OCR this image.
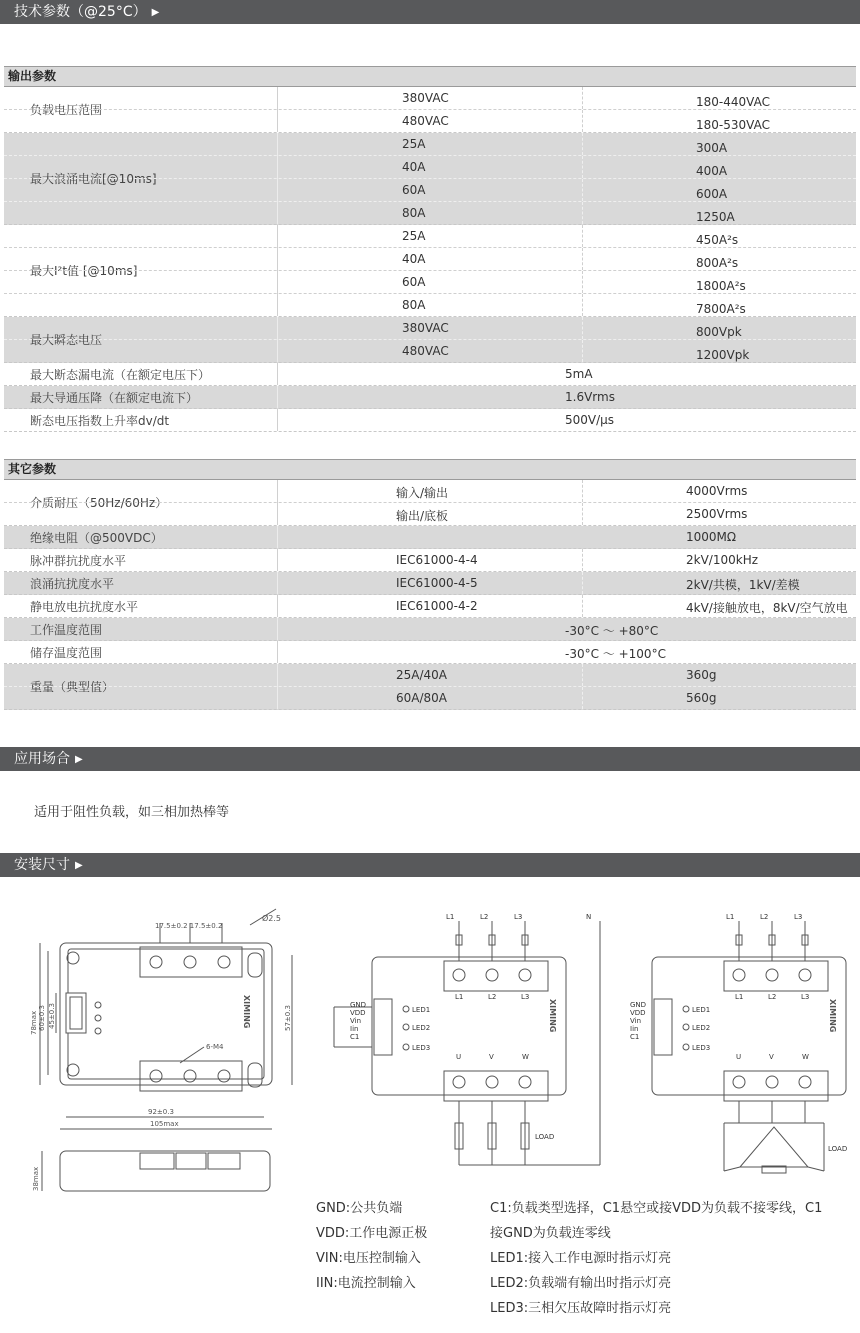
技术参数（@25°C） ▶
输出参数
负载电压范围
380VAC	180-440VAC
480VAC	180-530VAC
最大浪涌电流[@10ms]
25A	300A
40A	400A
60A	600A
80A	1250A
最大I²t值 [@10ms]
25A	450A²s
40A	800A²s
60A	1800A²s
80A	7800A²s
最大瞬态电压
380VAC	800Vpk
480VAC	1200Vpk
最大断态漏电流（在额定电压下）	5mA
最大导通压降（在额定电流下）	1.6Vrms
断态电压指数上升率dv/dt	500V/μs
其它参数
介质耐压（50Hz/60Hz）
输入/输出	4000Vrms
输出/底板	2500Vrms
绝缘电阻（@500VDC）	1000MΩ
脉冲群抗扰度水平	IEC61000-4-4	2kV/100kHz
浪涌抗扰度水平	IEC61000-4-5	2kV/共模，1kV/差模
静电放电抗扰度水平	IEC61000-4-2	4kV/接触放电，8kV/空气放电
工作温度范围	-30°C ～ +80°C
储存温度范围	-30°C ～ +100°C
重量（典型值）
25A/40A	360g
60A/80A	560g
应用场合 ▶
适用于阻性负载，如三相加热棒等
安装尺寸 ▶
17.5±0.2 17.5±0.2
Ø2.5
78max 60±0.3 45±0.3	57±0.3
92±0.3
105max
6-M4
XIMING
38max
L1	L2	L3	N
L1	L2	L3
U	V	W
LOAD
GND
VDD
Vin
Iin
C1
LED1
LED2
LED3
XIMING
L1	L2	L3
L1	L2	L3
U	V	W
LOAD
GND
VDD
Vin
Iin
C1
LED1
LED2
LED3
XIMING
GND:公共负端
VDD:工作电源正极
VIN:电压控制输入
IIN:电流控制输入
C1:负载类型选择，C1悬空或接VDD为负载不接零线，C1
接GND为负载连零线
LED1:接入工作电源时指示灯亮
LED2:负载端有输出时指示灯亮
LED3:三相欠压故障时指示灯亮
